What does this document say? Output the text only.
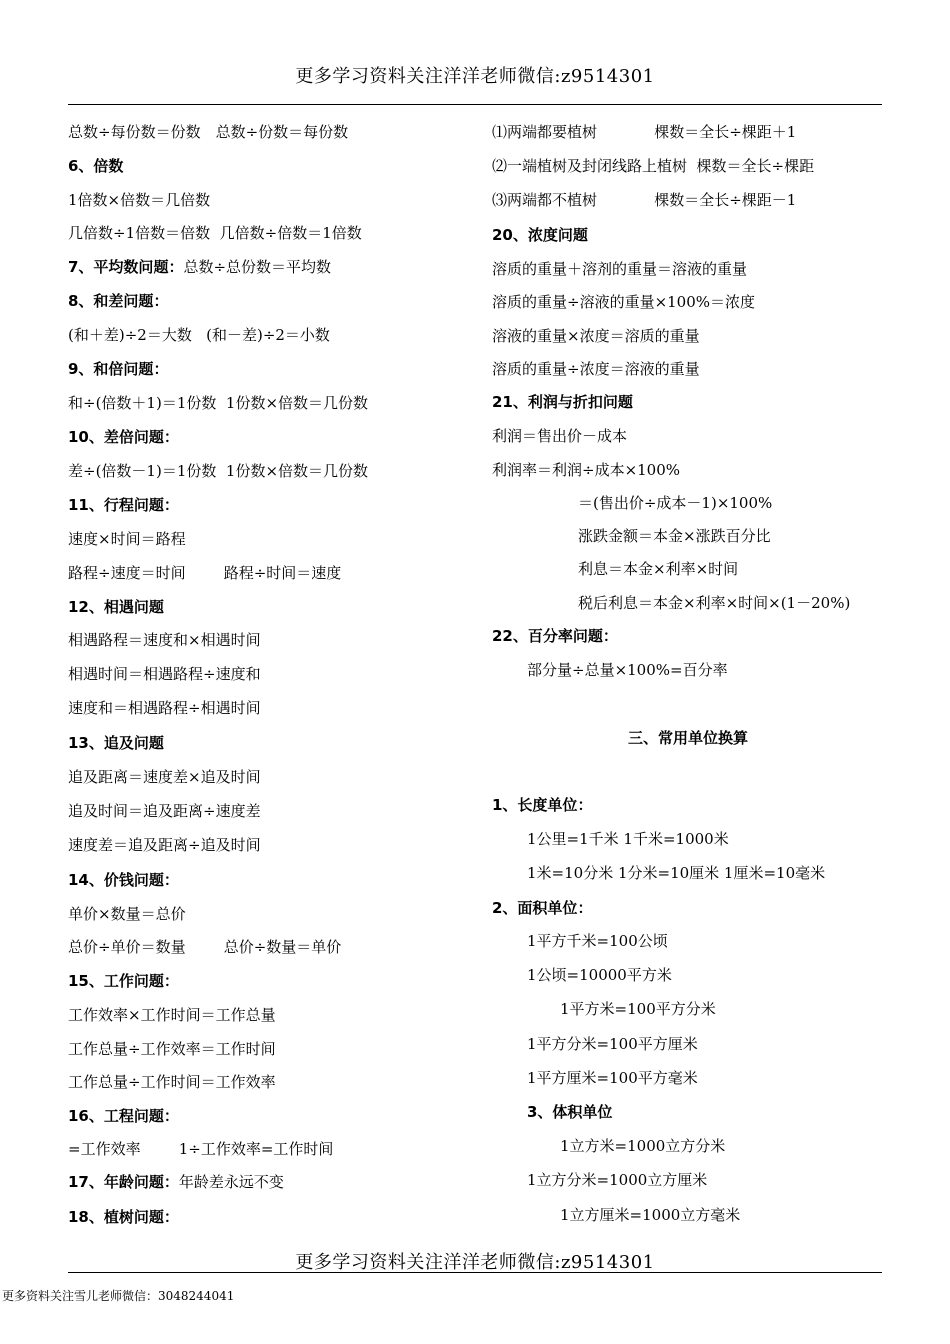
更多学习资料关注洋洋老师微信:z9514301
总数÷每份数＝份数　总数÷份数＝每份数
6、倍数
1倍数×倍数＝几倍数
几倍数÷1倍数＝倍数  几倍数÷倍数＝1倍数
7、平均数问题：总数÷总份数＝平均数
8、和差问题：
(和＋差)÷2＝大数   (和－差)÷2＝小数
9、和倍问题：
和÷(倍数＋1)＝1份数  1份数×倍数＝几份数
10、差倍问题：
差÷(倍数－1)＝1份数  1份数×倍数＝几份数
11、行程问题：
速度×时间＝路程
路程÷速度＝时间        路程÷时间＝速度
12、相遇问题
相遇路程＝速度和×相遇时间
相遇时间＝相遇路程÷速度和
速度和＝相遇路程÷相遇时间
13、追及问题
追及距离＝速度差×追及时间
追及时间＝追及距离÷速度差
速度差＝追及距离÷追及时间
14、价钱问题：
单价×数量＝总价
总价÷单价＝数量        总价÷数量＝单价
15、工作问题：
工作效率×工作时间＝工作总量
工作总量÷工作效率＝工作时间
工作总量÷工作时间＝工作效率
16、工程问题：
=工作效率        1÷工作效率=工作时间
17、年龄问题：年龄差永远不变
18、植树问题：
⑴两端都要植树            棵数＝全长÷棵距＋1
⑵一端植树及封闭线路上植树  棵数＝全长÷棵距
⑶两端都不植树            棵数＝全长÷棵距－1
20、浓度问题
溶质的重量＋溶剂的重量＝溶液的重量
溶质的重量÷溶液的重量×100%＝浓度
溶液的重量×浓度＝溶质的重量
溶质的重量÷浓度＝溶液的重量
21、利润与折扣问题
利润＝售出价－成本
利润率＝利润÷成本×100%
＝(售出价÷成本－1)×100%
涨跌金额＝本金×涨跌百分比
利息＝本金×利率×时间
税后利息＝本金×利率×时间×(1－20%)
22、百分率问题：
部分量÷总量×100%=百分率
三、常用单位换算
1、长度单位：
1公里=1千米 1千米=1000米
1米=10分米 1分米=10厘米 1厘米=10毫米
2、面积单位：
1平方千米=100公顷
1公顷=10000平方米
1平方米=100平方分米
1平方分米=100平方厘米
1平方厘米=100平方毫米
3、体积单位
1立方米=1000立方分米
1立方分米=1000立方厘米
1立方厘米=1000立方毫米
更多学习资料关注洋洋老师微信:z9514301
更多资料关注雪儿老师微信：3048244041
